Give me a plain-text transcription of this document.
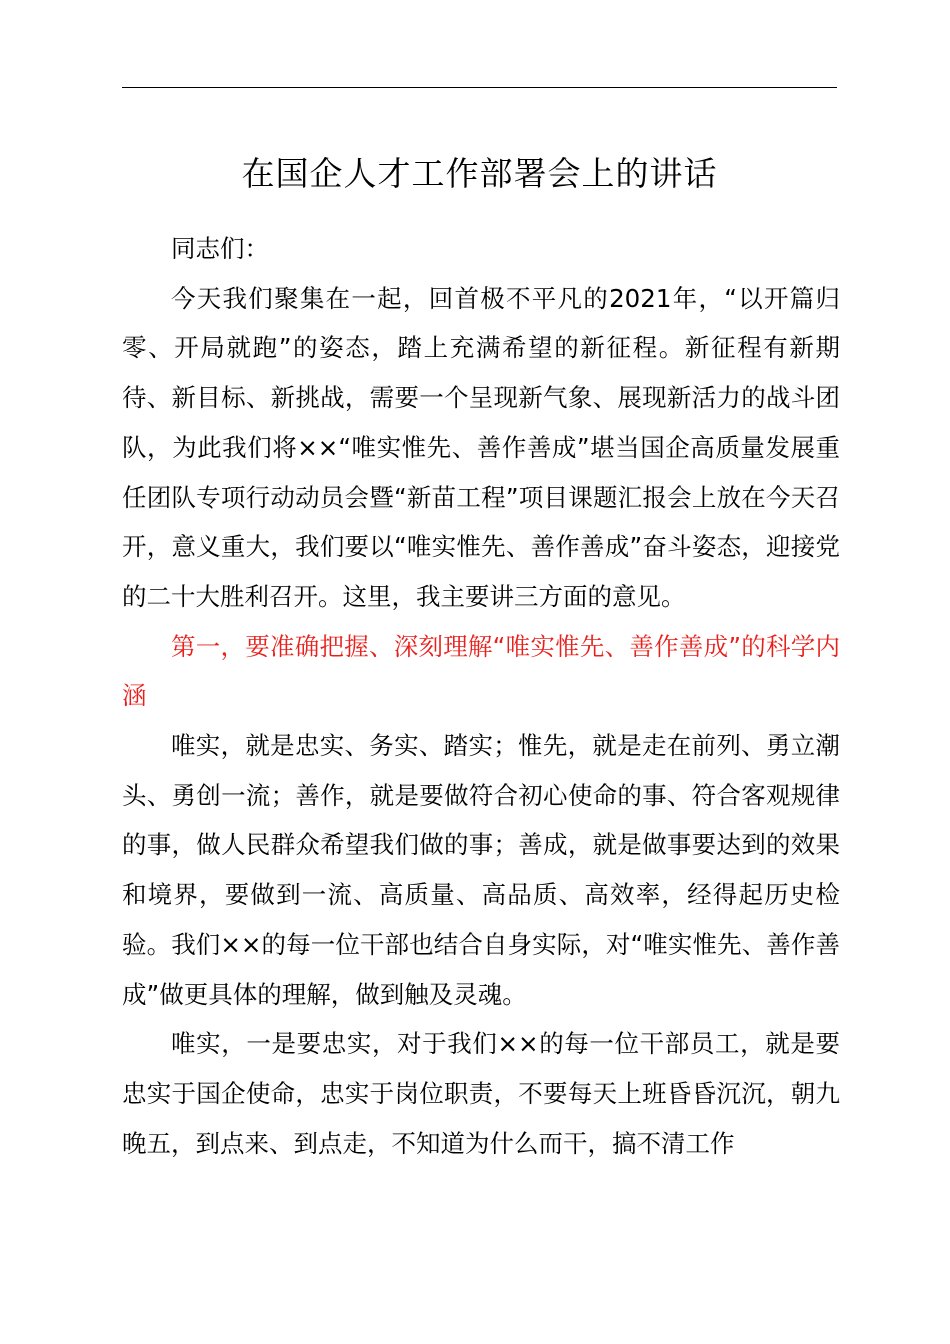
在国企人才工作部署会上的讲话

同志们：

今天我们聚集在一起，回首极不平凡的2021年，“以开篇归零、开局就跑”的姿态，踏上充满希望的新征程。新征程有新期待、新目标、新挑战，需要一个呈现新气象、展现新活力的战斗团队，为此我们将××“唯实惟先、善作善成”堪当国企高质量发展重任团队专项行动动员会暨“新苗工程”项目课题汇报会上放在今天召开，意义重大，我们要以“唯实惟先、善作善成”奋斗姿态，迎接党的二十大胜利召开。这里，我主要讲三方面的意见。

第一，要准确把握、深刻理解“唯实惟先、善作善成”的科学内涵

唯实，就是忠实、务实、踏实；惟先，就是走在前列、勇立潮头、勇创一流；善作，就是要做符合初心使命的事、符合客观规律的事，做人民群众希望我们做的事；善成，就是做事要达到的效果和境界，要做到一流、高质量、高品质、高效率，经得起历史检验。我们××的每一位干部也结合自身实际，对“唯实惟先、善作善成”做更具体的理解，做到触及灵魂。

唯实，一是要忠实，对于我们××的每一位干部员工，就是要忠实于国企使命，忠实于岗位职责，不要每天上班昏昏沉沉，朝九晚五，到点来、到点走，不知道为什么而干，搞不清工作
